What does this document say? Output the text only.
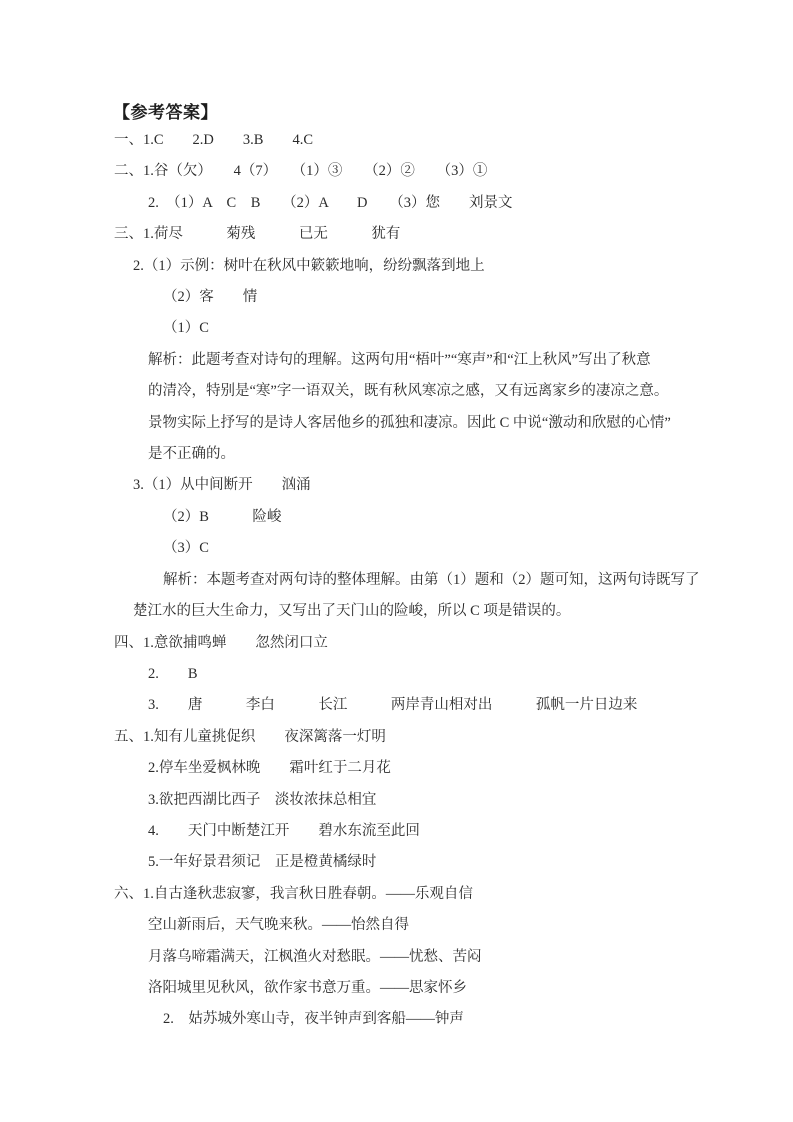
【参考答案】
一、1.C　　2.D　　3.B　　4.C
二、1.谷（欠）　　4（7）　　（1）③　　（2）②　　（3）①
2.　（1）A　C　B　　（2）A　　D　　（3）您　　刘景文
三、1.荷尽　　　菊残　　　已无　　　犹有
2.（1）示例：树叶在秋风中簌簌地响，纷纷飘落到地上
（2）客　　情
（1）C
解析：此题考查对诗句的理解。这两句用“梧叶”“寒声”和“江上秋风”写出了秋意
的清冷，特别是“寒”字一语双关，既有秋风寒凉之感，又有远离家乡的凄凉之意。
景物实际上抒写的是诗人客居他乡的孤独和凄凉。因此 C 中说“激动和欣慰的心情”
是不正确的。
3.（1）从中间断开　　汹涌
（2）B　　　险峻
（3）C
解析：本题考查对两句诗的整体理解。由第（1）题和（2）题可知，这两句诗既写了
楚江水的巨大生命力，又写出了天门山的险峻，所以 C 项是错误的。
四、1.意欲捕鸣蝉　　忽然闭口立
2.　　B
3.　　唐　　　李白　　　长江　　　两岸青山相对出　　　孤帆一片日边来
五、1.知有儿童挑促织　　夜深篱落一灯明
2.停车坐爱枫林晚　　霜叶红于二月花
3.欲把西湖比西子　淡妆浓抹总相宜
4.　　天门中断楚江开　　碧水东流至此回
5.一年好景君须记　正是橙黄橘绿时
六、1.自古逢秋悲寂寥，我言秋日胜春朝。——乐观自信
空山新雨后，天气晚来秋。——怡然自得
月落乌啼霜满天，江枫渔火对愁眠。——忧愁、苦闷
洛阳城里见秋风，欲作家书意万重。——思家怀乡
2.　姑苏城外寒山寺，夜半钟声到客船——钟声
